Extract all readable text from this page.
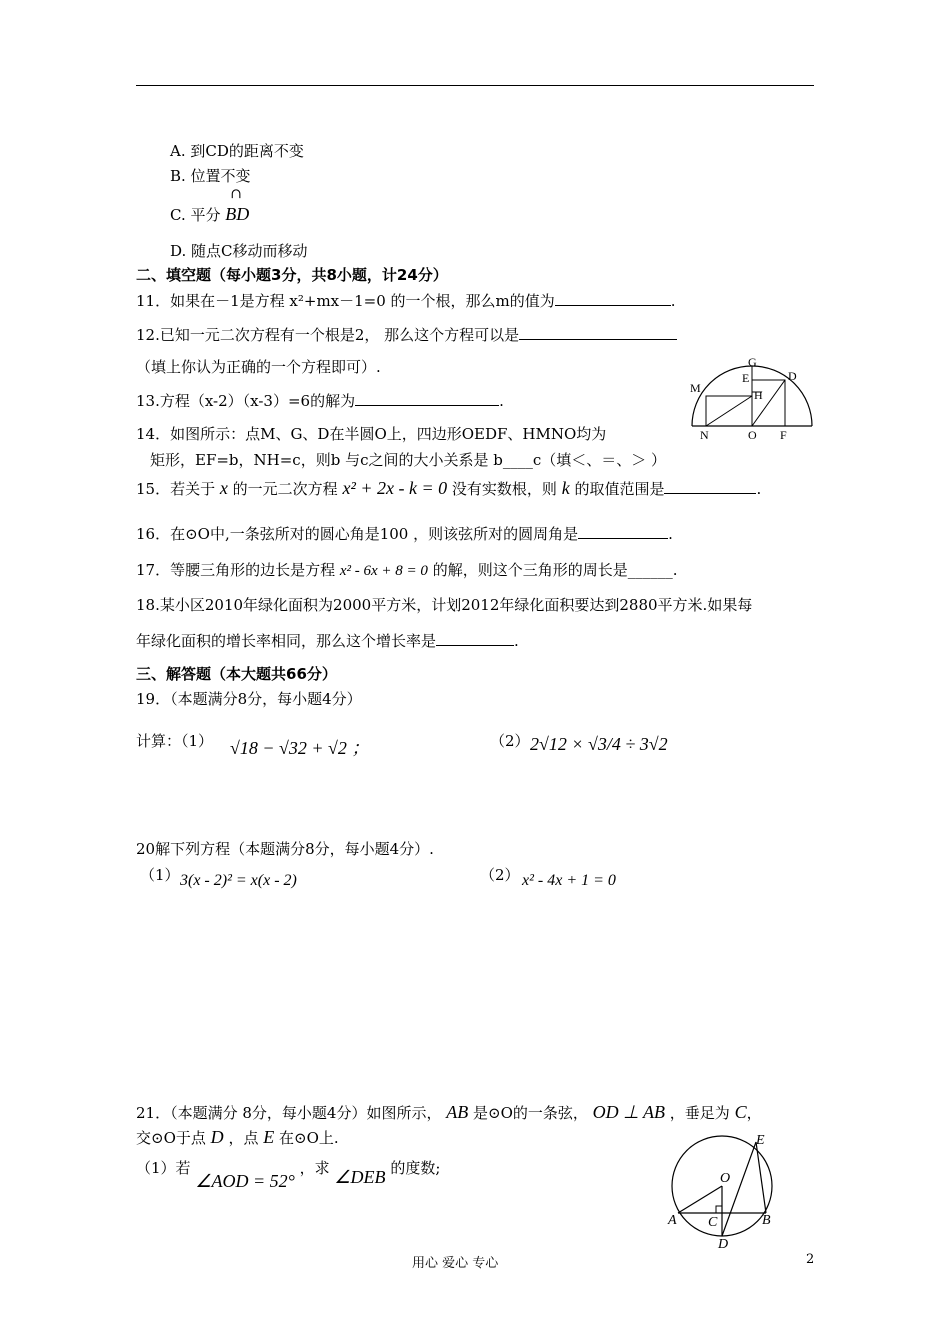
A. 到CD的距离不变
B. 位置不变
C. 平分
∩
BD
D. 随点C移动而移动
二、填空题（每小题3分，共8小题，计24分）
11．如果在－1是方程 x²+mx－1=0 的一个根，那么m的值为	.
12.已知一元二次方程有一个根是2， 那么这个方程可以是
（填上你认为正确的一个方程即可）.
13.方程（x-2）（x-3）=6的解为	.
14．如图所示：点M、G、D在半圆O上，四边形OEDF、HMNO均为
矩形，EF=b，NH=c，则b 与c之间的大小关系是 b____c（填＜、＝、＞ ）
15．若关于 x 的一元二次方程 x² + 2x - k = 0 没有实数根，则 k 的取值范围是	.
16．在⊙O中,一条弦所对的圆心角是100 ，则该弦所对的圆周角是	.
17．等腰三角形的边长是方程 x² - 6x + 8 = 0 的解，则这个三角形的周长是______.
18.某小区2010年绿化面积为2000平方米，计划2012年绿化面积要达到2880平方米.如果每
年绿化面积的增长率相同，那么这个增长率是	.
G
E	D
M	H
N	O F
三、解答题（本大题共66分）
19．（本题满分8分，每小题4分）
计算：（1） √18 − √32 + √2 ；	（2） 2√12 × √3/4 ÷ 3√2
20解下列方程（本题满分8分，每小题4分）.
（1） 3(x - 2)² = x(x - 2)	（2） x² - 4x + 1 = 0
21．（本题满分 8分，每小题4分）如图所示， AB 是⊙O的一条弦， OD ⊥ AB ，垂足为 C，
交⊙O于点 D ，点 E 在⊙O上.
（1）若 ∠AOD = 52° ，求 ∠DEB 的度数;
E
O
A C	B
D
用心 爱心 专心	2
